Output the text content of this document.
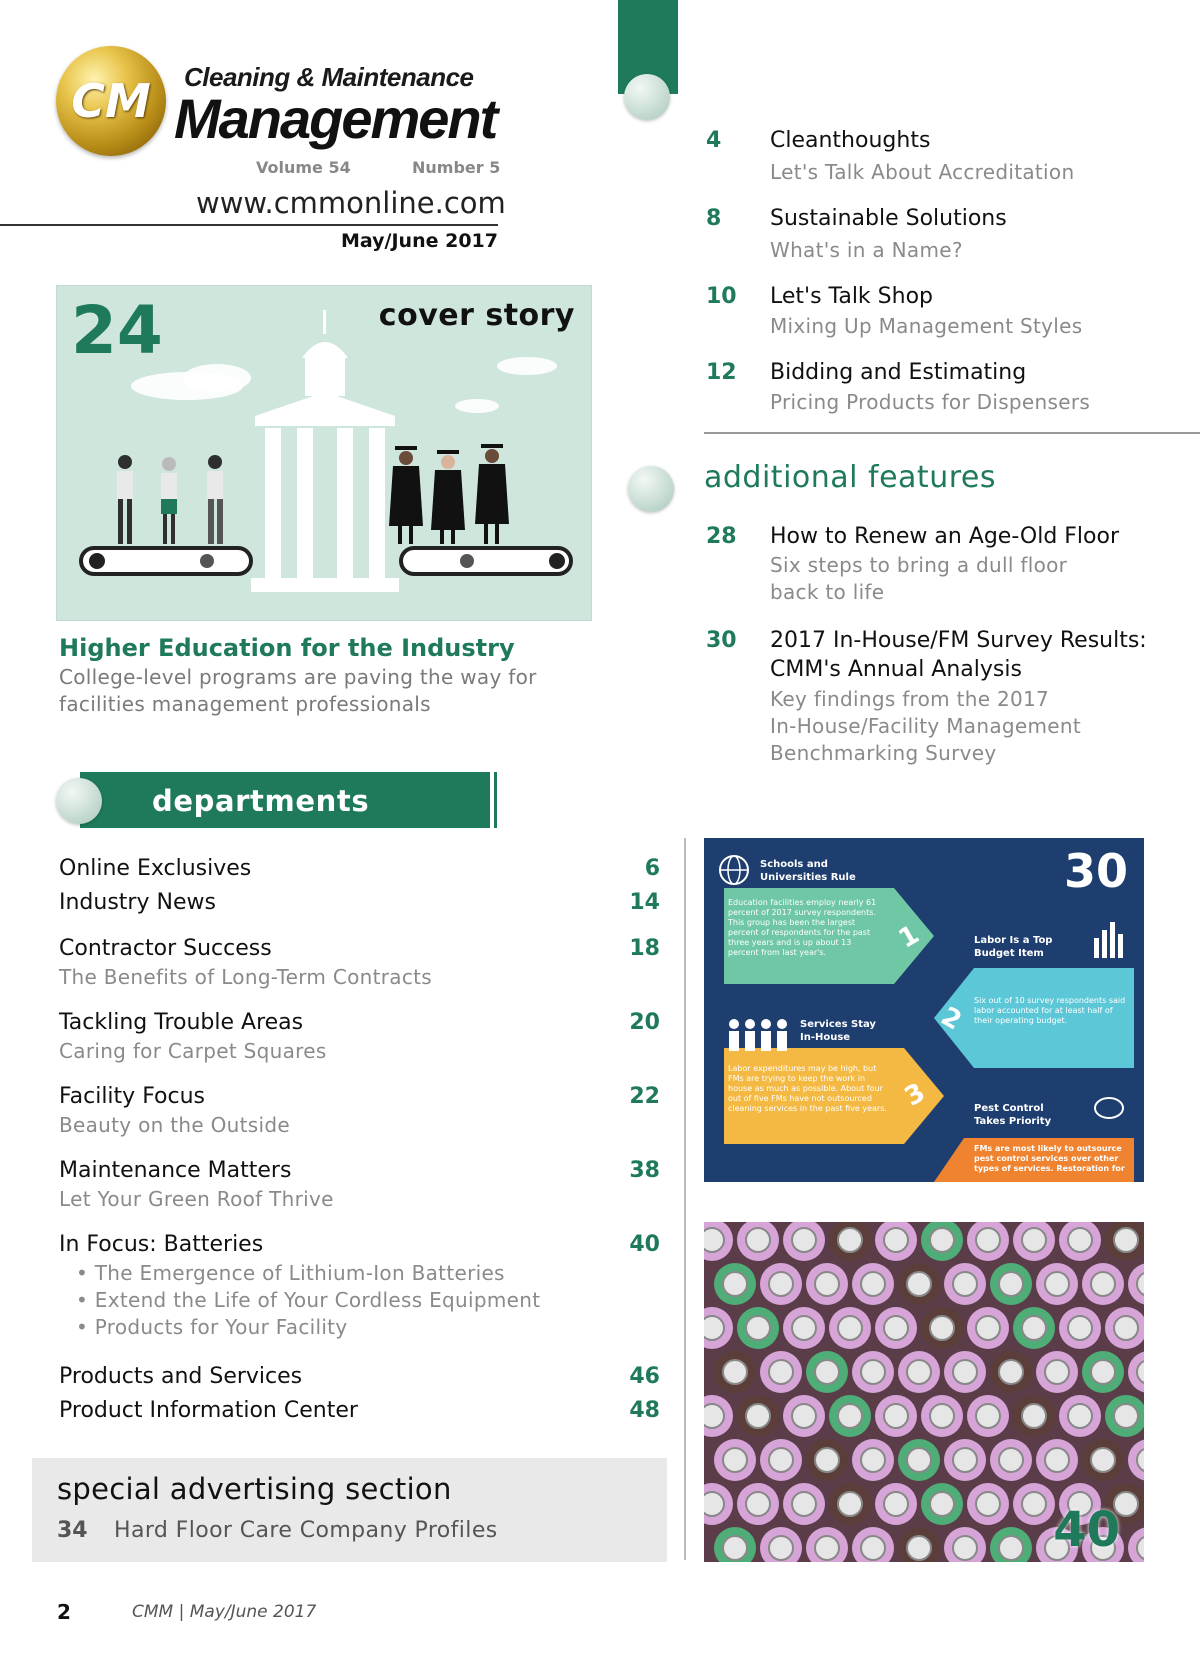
CM	Cleaning & Maintenance
Management
Volume 54	Number 5
www.cmmonline.com
May/June 2017
4 Cleanthoughts
Let's Talk About Accreditation
8 Sustainable Solutions
What's in a Name?
10 Let's Talk Shop
Mixing Up Management Styles
12 Bidding and Estimating
Pricing Products for Dispensers
additional features
28 How to Renew an Age-Old Floor
Six steps to bring a dull floor
back to life
30 2017 In-House/FM Survey Results:
CMM's Annual Analysis
Key findings from the 2017
In-House/Facility Management
Benchmarking Survey
24	cover story
Higher Education for the Industry
College-level programs are paving the way for
facilities management professionals
departments
Online Exclusives	6
Industry News	14
Contractor Success	18
The Benefits of Long-Term Contracts
Tackling Trouble Areas	20
Caring for Carpet Squares
Facility Focus	22
Beauty on the Outside
Maintenance Matters	38
Let Your Green Roof Thrive
In Focus: Batteries	40
• The Emergence of Lithium-Ion Batteries
• Extend the Life of Your Cordless Equipment
• Products for Your Facility
Products and Services	46
Product Information Center	48
special advertising section
34 Hard Floor Care Company Profiles
2	CMM | May/June 2017
30
Schools and Universities Rule
Education facilities employ nearly 61 percent of 2017 survey respondents. This group has been the largest percent of respondents for the past three years and is up about 13 percent from last year's.	1	Labor Is a Top Budget Item
Six out of 10 survey respondents said labor accounted for at least half of their operating budget.
2
Services Stay In-House
Labor expenditures may be high, but FMs are trying to keep the work in house as much as possible. About four out of five FMs have not outsourced cleaning services in the past five years. 3	Pest Control Takes Priority
FMs are most likely to outsource pest control services over other types of services. Restoration for
40
